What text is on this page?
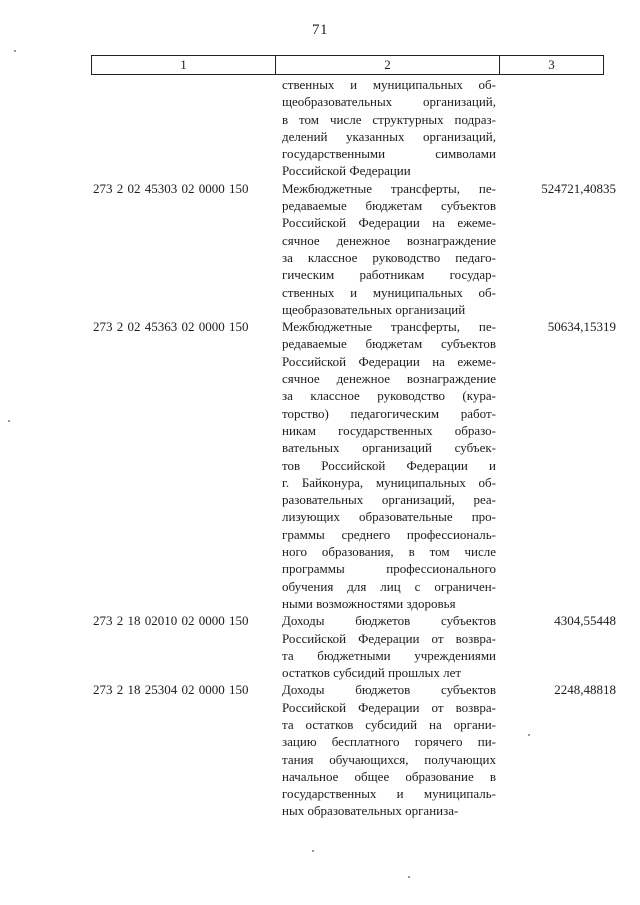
71
1	2	3
ственных и муниципальных об-
щеобразовательных организаций,
в том числе структурных подраз-
делений указанных организаций,
государственными символами
Российской Федерации
273 2 02 45303 02 0000 150	Межбюджетные трансферты, пе-
редаваемые бюджетам субъектов
Российской Федерации на ежеме-
сячное денежное вознаграждение
за классное руководство педаго-
гическим работникам государ-
ственных и муниципальных об-
щеобразовательных организаций
524721,40835
273 2 02 45363 02 0000 150	Межбюджетные трансферты, пе-
редаваемые бюджетам субъектов
Российской Федерации на ежеме-
сячное денежное вознаграждение
за классное руководство (кура-
торство) педагогическим работ-
никам государственных образо-
вательных организаций субъек-
тов Российской Федерации и
г. Байконура, муниципальных об-
разовательных организаций, реа-
лизующих образовательные про-
граммы среднего профессиональ-
ного образования, в том числе
программы профессионального
обучения для лиц с ограничен-
ными возможностями здоровья
50634,15319
273 2 18 02010 02 0000 150	Доходы бюджетов субъектов
Российской Федерации от возвра-
та бюджетными учреждениями
остатков субсидий прошлых лет
4304,55448
273 2 18 25304 02 0000 150	Доходы бюджетов субъектов
Российской Федерации от возвра-
та остатков субсидий на органи-
зацию бесплатного горячего пи-
тания обучающихся, получающих
начальное общее образование в
государственных и муниципаль-
ных образовательных организа-
2248,48818
